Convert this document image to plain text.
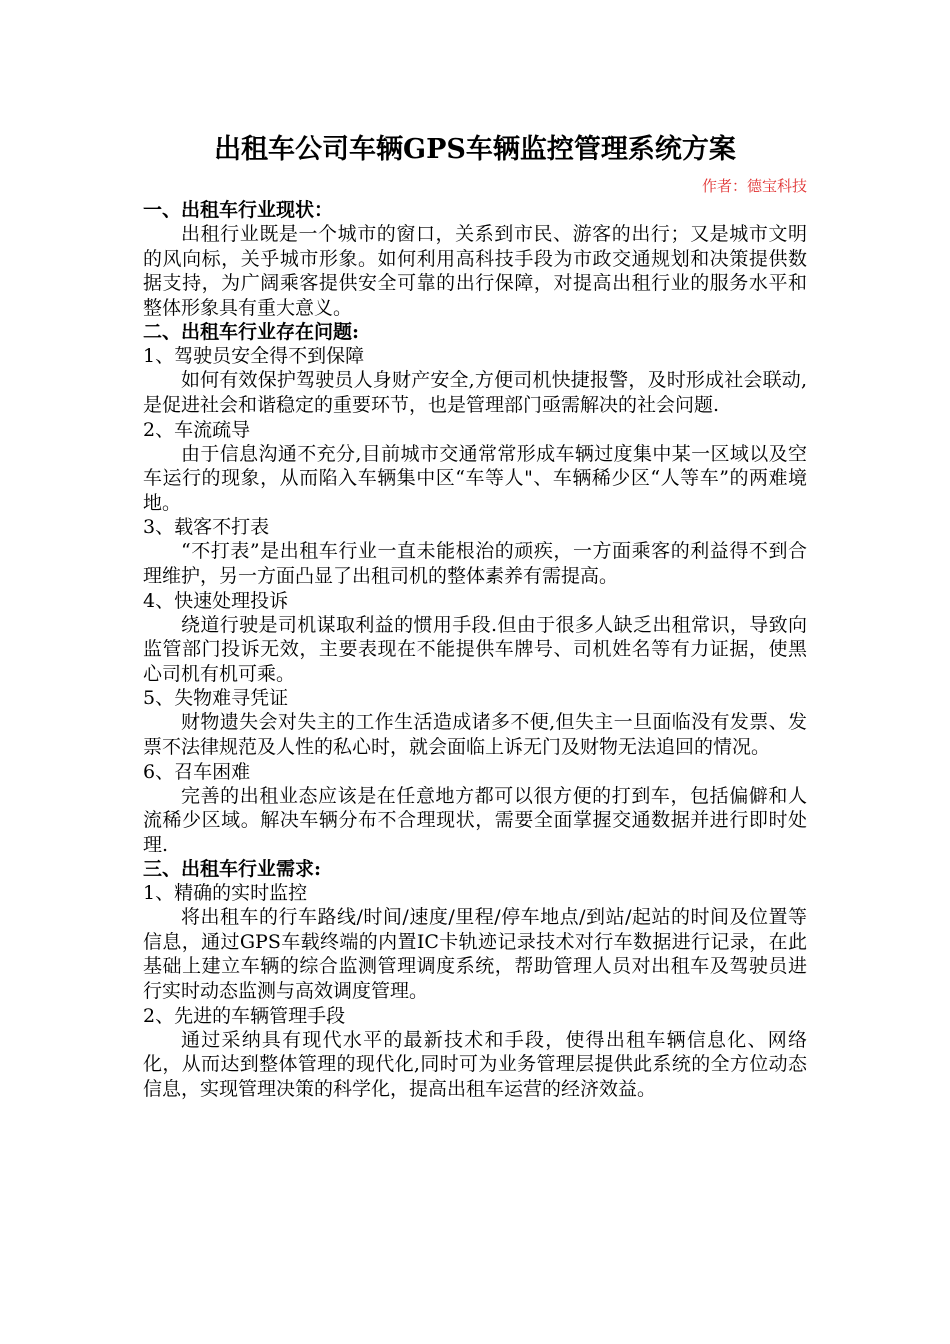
出租车公司车辆GPS车辆监控管理系统方案
作者：德宝科技
一、出租车行业现状：
出租行业既是一个城市的窗口，关系到市民、游客的出行；又是城市文明的风向标，关乎城市形象。如何利用高科技手段为市政交通规划和决策提供数据支持，为广阔乘客提供安全可靠的出行保障，对提高出租行业的服务水平和整体形象具有重大意义。
二、出租车行业存在问题:
1、驾驶员安全得不到保障
如何有效保护驾驶员人身财产安全,方便司机快捷报警，及时形成社会联动,是促进社会和谐稳定的重要环节，也是管理部门亟需解决的社会问题.
2、车流疏导
由于信息沟通不充分,目前城市交通常常形成车辆过度集中某一区域以及空车运行的现象，从而陷入车辆集中区“车等人"、车辆稀少区“人等车”的两难境地。
3、载客不打表
“不打表”是出租车行业一直未能根治的顽疾，一方面乘客的利益得不到合理维护，另一方面凸显了出租司机的整体素养有需提高。
4、快速处理投诉
绕道行驶是司机谋取利益的惯用手段.但由于很多人缺乏出租常识，导致向监管部门投诉无效，主要表现在不能提供车牌号、司机姓名等有力证据，使黑心司机有机可乘。
5、失物难寻凭证
财物遗失会对失主的工作生活造成诸多不便,但失主一旦面临没有发票、发票不法律规范及人性的私心时，就会面临上诉无门及财物无法追回的情况。
6、召车困难
完善的出租业态应该是在任意地方都可以很方便的打到车，包括偏僻和人流稀少区域。解决车辆分布不合理现状，需要全面掌握交通数据并进行即时处理.
三、出租车行业需求:
1、精确的实时监控
将出租车的行车路线/时间/速度/里程/停车地点/到站/起站的时间及位置等信息，通过GPS车载终端的内置IC卡轨迹记录技术对行车数据进行记录，在此基础上建立车辆的综合监测管理调度系统，帮助管理人员对出租车及驾驶员进行实时动态监测与高效调度管理。
2、先进的车辆管理手段
通过采纳具有现代水平的最新技术和手段，使得出租车辆信息化、网络化，从而达到整体管理的现代化,同时可为业务管理层提供此系统的全方位动态信息，实现管理决策的科学化，提高出租车运营的经济效益。
